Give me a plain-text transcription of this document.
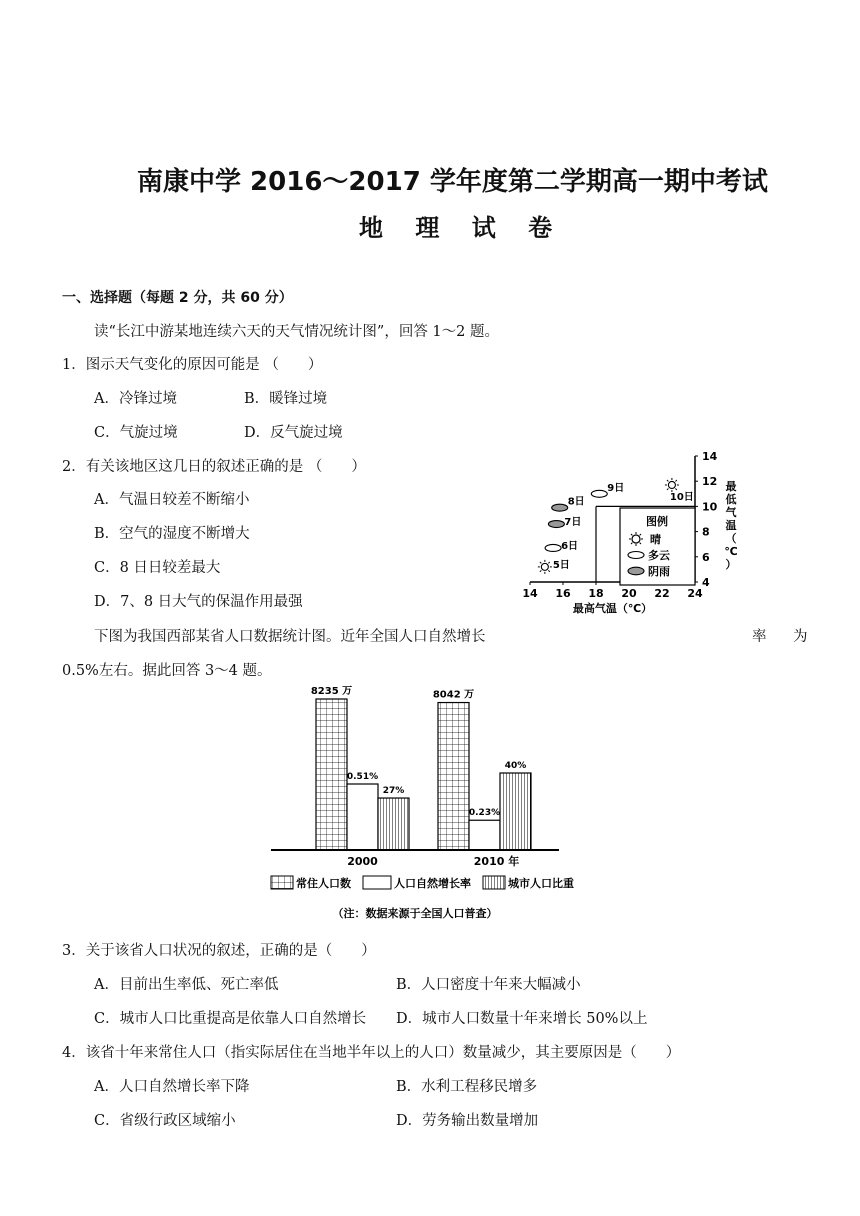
南康中学 2016～2017 学年度第二学期高一期中考试
地 理 试 卷
一、选择题（每题 2 分，共 60 分）
读“长江中游某地连续六天的天气情况统计图”，回答 1～2 题。
1．图示天气变化的原因可能是 （　　）
A．冷锋过境	B．暖锋过境
C．气旋过境	D．反气旋过境
2．有关该地区这几日的叙述正确的是 （　　）
A．气温日较差不断缩小
B．空气的湿度不断增大
C．8 日日较差最大
D．7、8 日大气的保温作用最强
14 16 18 20 22 24
4
6
8
10
12
14
最高气温（℃）
最低气温（℃）
5日
6日
7日
8日
9日
10日
图例
晴
多云
阴雨
下图为我国西部某省人口数据统计图。近年全国人口自然增长	率　为
0.5%左右。据此回答 3～4 题。
8235 万
0.51%
27%
8042 万
0.23%
40%
2000	2010 年
常住人口数	人口自然增长率	城市人口比重
（注：数据来源于全国人口普查）
3．关于该省人口状况的叙述，正确的是（　　）
A．目前出生率低、死亡率低	B．人口密度十年来大幅减小
C．城市人口比重提高是依靠人口自然增长 D．城市人口数量十年来增长 50%以上
4．该省十年来常住人口（指实际居住在当地半年以上的人口）数量减少，其主要原因是（　　）
A．人口自然增长率下降	B．水利工程移民增多
C．省级行政区域缩小	D．劳务输出数量增加
